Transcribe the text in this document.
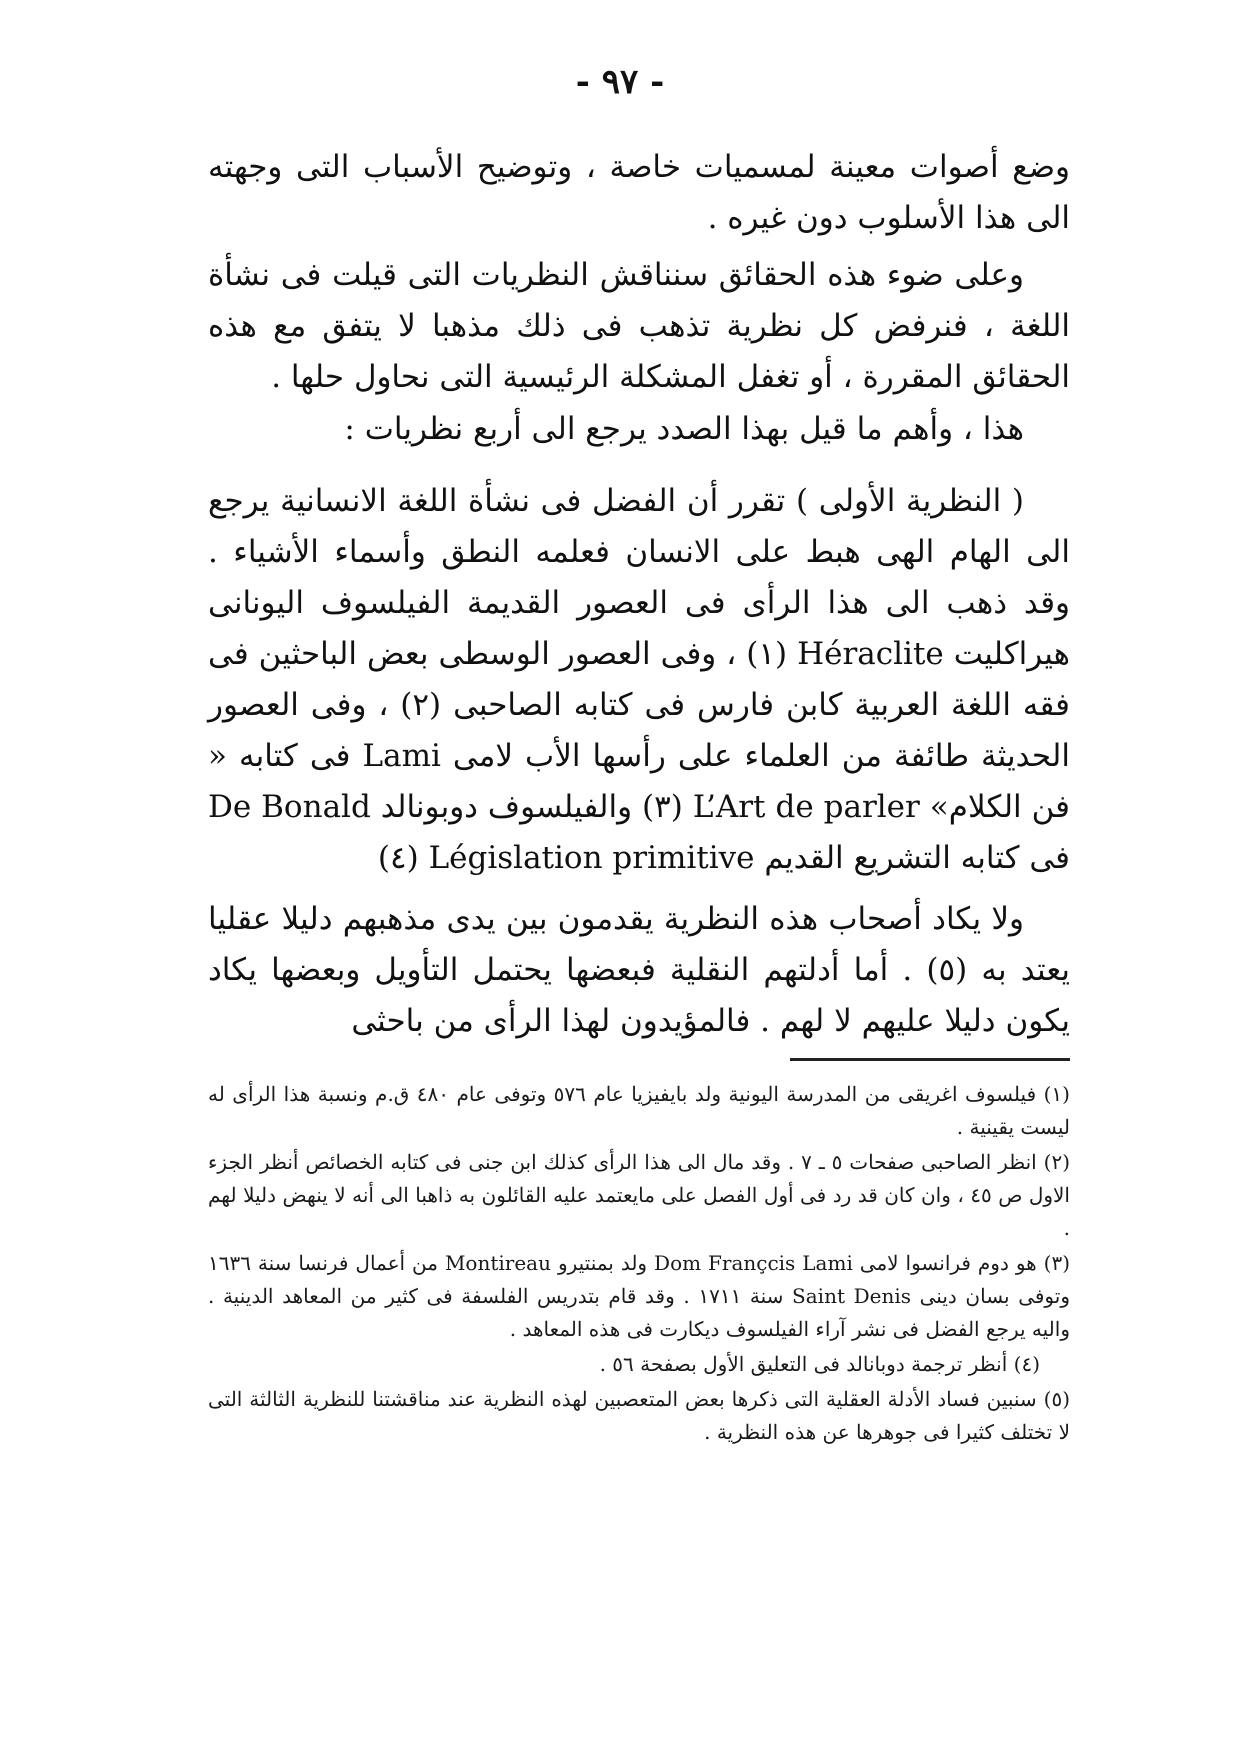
- ٩٧ -

وضع أصوات معينة لمسميات خاصة ، وتوضيح الأسباب التى وجهته الى هذا الأسلوب دون غيره .

وعلى ضوء هذه الحقائق سنناقش النظريات التى قيلت فى نشأة اللغة ، فنرفض كل نظرية تذهب فى ذلك مذهبا لا يتفق مع هذه الحقائق المقررة ، أو تغفل المشكلة الرئيسية التى نحاول حلها .

هذا ، وأهم ما قيل بهذا الصدد يرجع الى أربع نظريات :

( النظرية الأولى ) تقرر أن الفضل فى نشأة اللغة الانسانية يرجع الى الهام الهى هبط على الانسان فعلمه النطق وأسماء الأشياء . وقد ذهب الى هذا الرأى فى العصور القديمة الفيلسوف اليونانى هيراكليت Héraclite (١) ، وفى العصور الوسطى بعض الباحثين فى فقه اللغة العربية كابن فارس فى كتابه الصاحبى (٢) ، وفى العصور الحديثة طائفة من العلماء على رأسها الأب لامى Lami فى كتابه « فن الكلام» L’Art de parler (٣) والفيلسوف دوبونالد De Bonald فى كتابه التشريع القديم Législation primitive (٤)

ولا يكاد أصحاب هذه النظرية يقدمون بين يدى مذهبهم دليلا عقليا يعتد به (٥) . أما أدلتهم النقلية فبعضها يحتمل التأويل وبعضها يكاد يكون دليلا عليهم لا لهم . فالمؤيدون لهذا الرأى من باحثى

(١) فيلسوف اغريقى من المدرسة اليونية ولد بايفيزيا عام ٥٧٦ وتوفى عام ٤٨٠ ق.م ونسبة هذا الرأى له ليست يقينية .

(٢) انظر الصاحبى صفحات ٥ ـ ٧ . وقد مال الى هذا الرأى كذلك ابن جنى فى كتابه الخصائص أنظر الجزء الاول ص ٤٥ ، وان كان قد رد فى أول الفصل على مايعتمد عليه القائلون به ذاهبا الى أنه لا ينهض دليلا لهم .

(٣) هو دوم فرانسوا لامى Dom Françcis Lami ولد بمنتيرو Montireau من أعمال فرنسا سنة ١٦٣٦ وتوفى بسان دينى Saint Denis سنة ١٧١١ . وقد قام بتدريس الفلسفة فى كثير من المعاهد الدينية . واليه يرجع الفضل فى نشر آراء الفيلسوف ديكارت فى هذه المعاهد .

(٤) أنظر ترجمة دوبانالد فى التعليق الأول بصفحة ٥٦ .

(٥) سنبين فساد الأدلة العقلية التى ذكرها بعض المتعصبين لهذه النظرية عند مناقشتنا للنظرية الثالثة التى لا تختلف كثيرا فى جوهرها عن هذه النظرية .
